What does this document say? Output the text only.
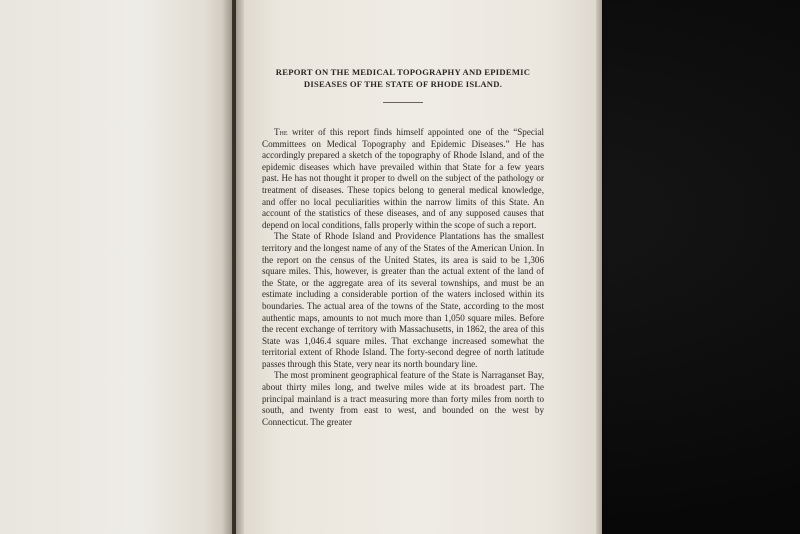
REPORT ON THE MEDICAL TOPOGRAPHY AND EPIDEMIC DISEASES OF THE STATE OF RHODE ISLAND.

The writer of this report finds himself appointed one of the “Special Committees on Medical Topography and Epidemic Diseases.” He has accordingly prepared a sketch of the topography of Rhode Island, and of the epidemic diseases which have prevailed within that State for a few years past. He has not thought it proper to dwell on the subject of the pathology or treatment of diseases. These topics belong to general medical knowledge, and offer no local peculiarities within the narrow limits of this State. An account of the statistics of these diseases, and of any supposed causes that depend on local conditions, falls properly within the scope of such a report.

The State of Rhode Island and Providence Plantations has the smallest territory and the longest name of any of the States of the American Union. In the report on the census of the United States, its area is said to be 1,306 square miles. This, however, is greater than the actual extent of the land of the State, or the aggregate area of its several townships, and must be an estimate including a considerable portion of the waters inclosed within its boundaries. The actual area of the towns of the State, according to the most authentic maps, amounts to not much more than 1,050 square miles. Before the recent exchange of territory with Massachusetts, in 1862, the area of this State was 1,046.4 square miles. That exchange increased somewhat the territorial extent of Rhode Island. The forty-second degree of north latitude passes through this State, very near its north boundary line.

The most prominent geographical feature of the State is Narraganset Bay, about thirty miles long, and twelve miles wide at its broadest part. The principal mainland is a tract measuring more than forty miles from north to south, and twenty from east to west, and bounded on the west by Connecticut. The greater
